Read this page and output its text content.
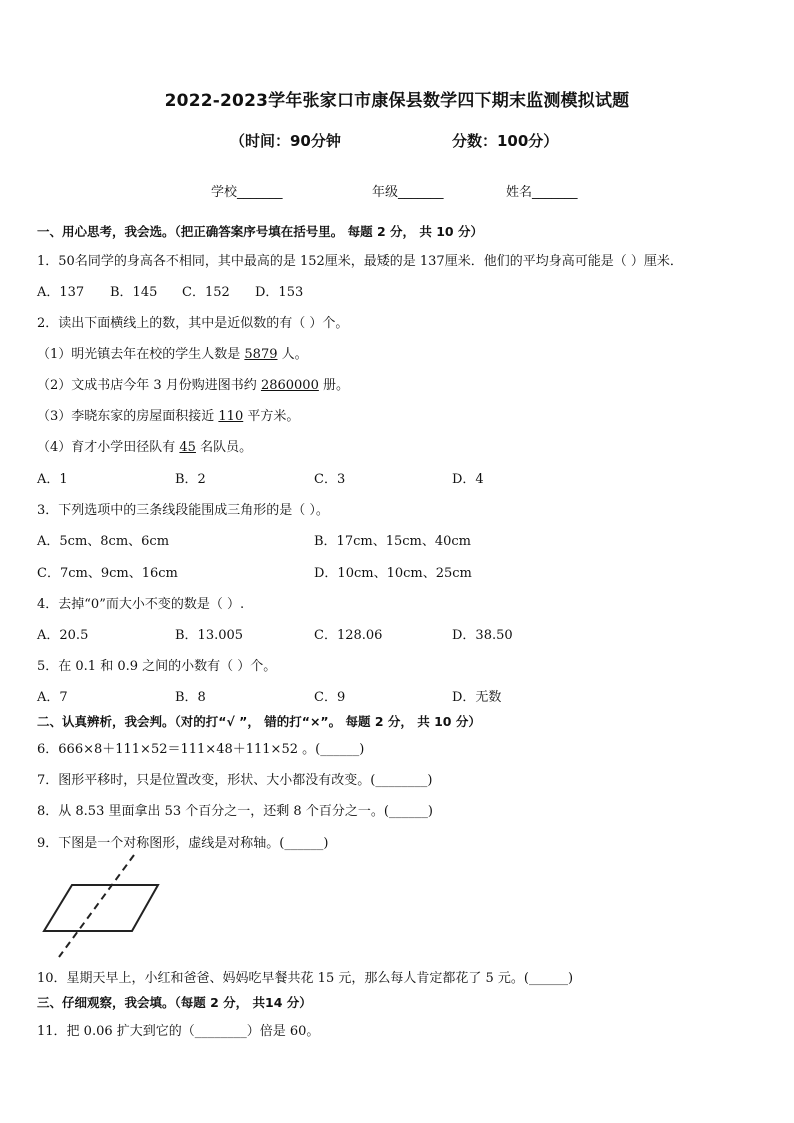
2022-2023学年张家口市康保县数学四下期末监测模拟试题
（时间：90分钟	分数：100分）
学校_______	年级_______	姓名_______
一、用心思考，我会选。（把正确答案序号填在括号里。 每题 2 分， 共 10 分）
1．50名同学的身高各不相同，其中最高的是 152厘米，最矮的是 137厘米．他们的平均身高可能是（ ）厘米．
A．137 B．145 C．152 D．153
2．读出下面横线上的数，其中是近似数的有（ ）个。
（1）明光镇去年在校的学生人数是 5879 人。
（2）文成书店今年 3 月份购进图书约 2860000 册。
（3）李晓东家的房屋面积接近 110 平方米。
（4）育才小学田径队有 45 名队员。
A．1	B．2	C．3	D．4
3．下列选项中的三条线段能围成三角形的是（ ）。
A．5cm、8cm、6cm	B．17cm、15cm、40cm
C．7cm、9cm、16cm	D．10cm、10cm、25cm
4．去掉“0”而大小不变的数是（ ）.
A．20.5	B．13.005	C．128.06	D．38.50
5．在 0.1 和 0.9 之间的小数有（ ）个。
A．7	B．8	C．9	D．无数
二、认真辨析，我会判。（对的打“√ ”， 错的打“×”。 每题 2 分， 共 10 分）
6．666×8＋111×52＝111×48＋111×52 。(______)
7．图形平移时，只是位置改变，形状、大小都没有改变。(________)
8．从 8.53 里面拿出 53 个百分之一，还剩 8 个百分之一。(______)
9．下图是一个对称图形，虚线是对称轴。(______)
10．星期天早上，小红和爸爸、妈妈吃早餐共花 15 元，那么每人肯定都花了 5 元。(______)
三、仔细观察，我会填。（每题 2 分， 共14 分）
11．把 0.06 扩大到它的（________）倍是 60。
